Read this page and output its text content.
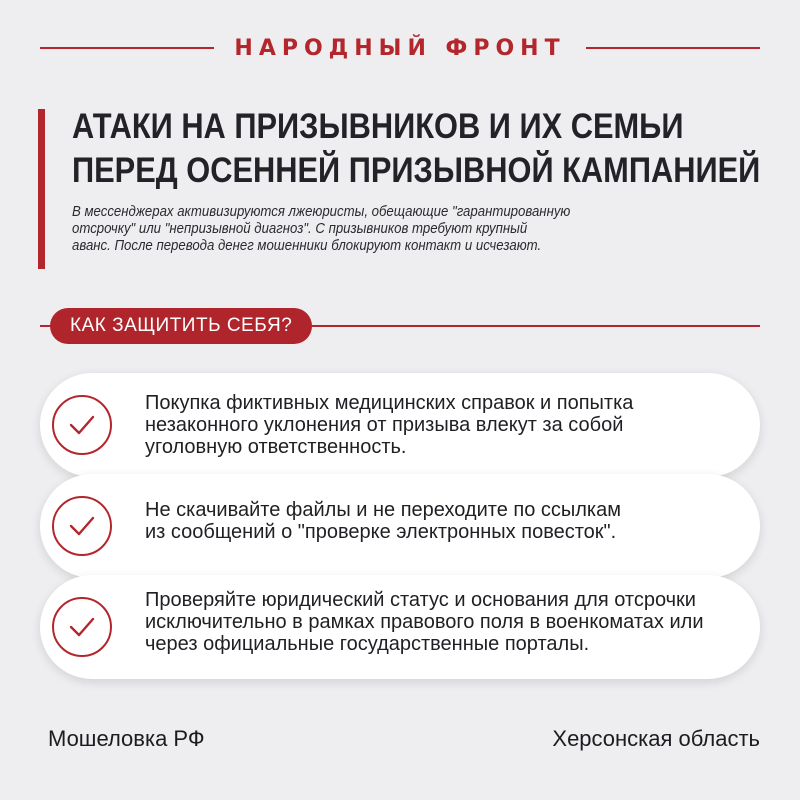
НАРОДНЫЙ ФРОНТ
АТАКИ НА ПРИЗЫВНИКОВ И ИХ СЕМЬИ
ПЕРЕД ОСЕННЕЙ ПРИЗЫВНОЙ КАМПАНИЕЙ

В мессенджерах активизируются лжеюристы, обещающие "гарантированную
отсрочку" или "непризывной диагноз". С призывников требуют крупный
аванс. После перевода денег мошенники блокируют контакт и исчезают.

КАК ЗАЩИТИТЬ СЕБЯ?
Покупка фиктивных медицинских справок и попытка
незаконного уклонения от призыва влекут за собой
уголовную ответственность.
Не скачивайте файлы и не переходите по ссылкам
из сообщений о "проверке электронных повесток".
Проверяйте юридический статус и основания для отсрочки
исключительно в рамках правового поля в военкоматах или
через официальные государственные порталы.
Мошеловка РФ	Херсонская область
